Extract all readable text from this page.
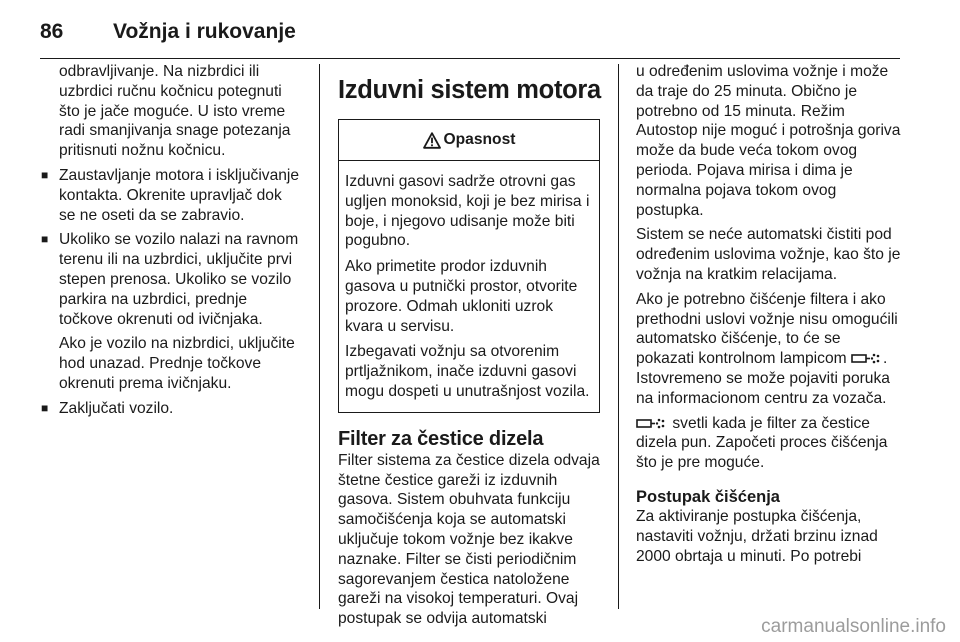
86 Vožnja i rukovanje

odbravljivanje. Na nizbrdici ili uzbrdici ručnu kočnicu potegnuti što je jače moguće. U isto vreme radi smanjivanja snage potezanja pritisnuti nožnu kočnicu.

■ Zaustavljanje motora i isključivanje kontakta. Okrenite upravljač dok se ne oseti da se zabravio.
■ Ukoliko se vozilo nalazi na ravnom terenu ili na uzbrdici, uključite prvi stepen prenosa. Ukoliko se vozilo parkira na uzbrdici, prednje točkove okrenuti od ivičnjaka.

Ako je vozilo na nizbrdici, uključite hod unazad. Prednje točkove okrenuti prema ivičnjaku.

■ Zaključati vozilo.
Izduvni sistem motora
Opasnost

Izduvni gasovi sadrže otrovni gas ugljen monoksid, koji je bez mirisa i boje, i njegovo udisanje može biti pogubno.

Ako primetite prodor izduvnih gasova u putnički prostor, otvorite prozore. Odmah ukloniti uzrok kvara u servisu.

Izbegavati vožnju sa otvorenim prtljažnikom, inače izduvni gasovi mogu dospeti u unutrašnjost vozila.

Filter za čestice dizela

Filter sistema za čestice dizela odvaja štetne čestice gareži iz izduvnih gasova. Sistem obuhvata funkciju samočišćenja koja se automatski uključuje tokom vožnje bez ikakve naznake. Filter se čisti periodičnim sagorevanjem čestica natoložene gareži na visokoj temperaturi. Ovaj postupak se odvija automatski

u određenim uslovima vožnje i može da traje do 25 minuta. Obično je potrebno od 15 minuta. Režim Autostop nije moguć i potrošnja goriva može da bude veća tokom ovog perioda. Pojava mirisa i dima je normalna pojava tokom ovog postupka.

Sistem se neće automatski čistiti pod određenim uslovima vožnje, kao što je vožnja na kratkim relacijama.

Ako je potrebno čišćenje filtera i ako prethodni uslovi vožnje nisu omogućili automatsko čišćenje, to će se pokazati kontrolnom lampicom . Istovremeno se može pojaviti poruka na informacionom centru za vozača.

svetli kada je filter za čestice dizela pun. Započeti proces čišćenja što je pre moguće.

Postupak čišćenja

Za aktiviranje postupka čišćenja, nastaviti vožnju, držati brzinu iznad 2000 obrtaja u minuti. Po potrebi

carmanualsonline.info
